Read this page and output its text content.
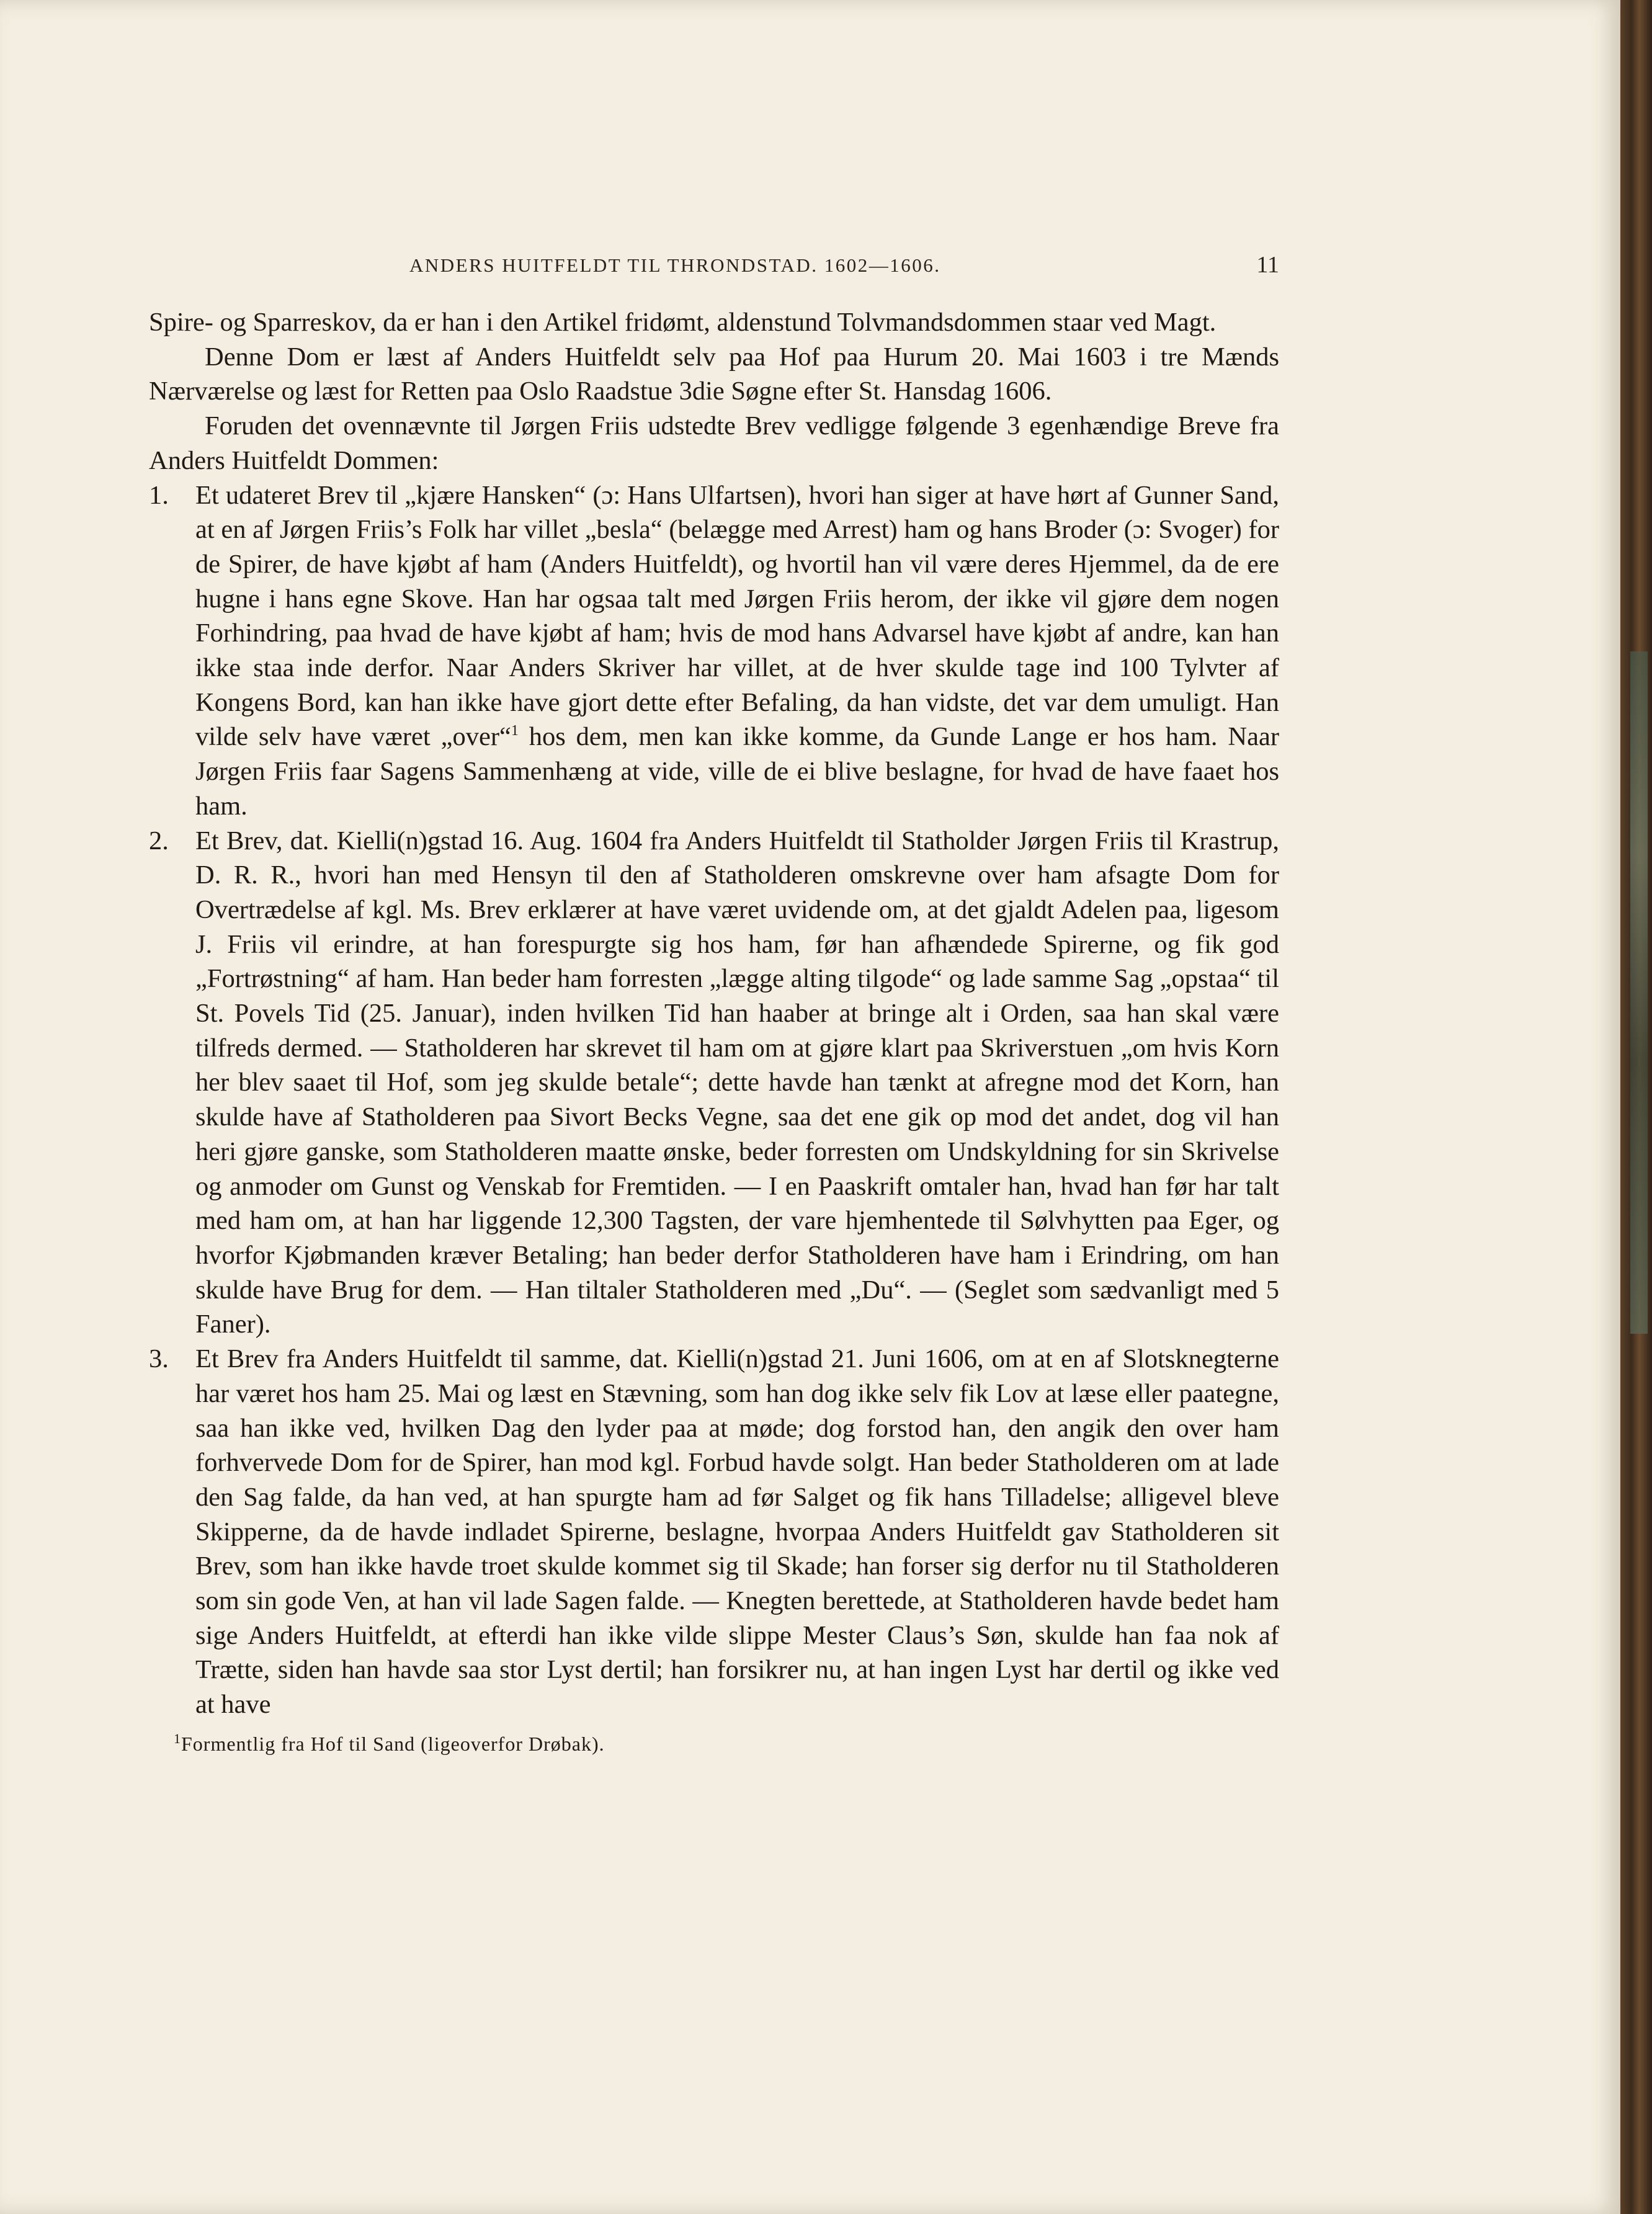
ANDERS HUITFELDT TIL THRONDSTAD. 1602—1606.	11

Spire- og Sparreskov, da er han i den Artikel fridømt, aldenstund Tolvmandsdommen staar ved Magt.

Denne Dom er læst af Anders Huitfeldt selv paa Hof paa Hurum 20. Mai 1603 i tre Mænds Nærværelse og læst for Retten paa Oslo Raadstue 3die Søgne efter St. Hansdag 1606.

Foruden det ovennævnte til Jørgen Friis udstedte Brev vedligge følgende 3 egenhændige Breve fra Anders Huitfeldt Dommen:

1. Et udateret Brev til „kjære Hansken“ (ɔ: Hans Ulfartsen), hvori han siger at have hørt af Gunner Sand, at en af Jørgen Friis’s Folk har villet „besla“ (belægge med Arrest) ham og hans Broder (ɔ: Svoger) for de Spirer, de have kjøbt af ham (Anders Huitfeldt), og hvortil han vil være deres Hjemmel, da de ere hugne i hans egne Skove. Han har ogsaa talt med Jørgen Friis herom, der ikke vil gjøre dem nogen Forhindring, paa hvad de have kjøbt af ham; hvis de mod hans Advarsel have kjøbt af andre, kan han ikke staa inde derfor. Naar Anders Skriver har villet, at de hver skulde tage ind 100 Tylvter af Kongens Bord, kan han ikke have gjort dette efter Befaling, da han vidste, det var dem umuligt. Han vilde selv have været „over“$^1$ hos dem, men kan ikke komme, da Gunde Lange er hos ham. Naar Jørgen Friis faar Sagens Sammenhæng at vide, ville de ei blive beslagne, for hvad de have faaet hos ham.
2. Et Brev, dat. Kielli(n)gstad 16. Aug. 1604 fra Anders Huitfeldt til Statholder Jørgen Friis til Krastrup, D. R. R., hvori han med Hensyn til den af Statholderen omskrevne over ham afsagte Dom for Overtrædelse af kgl. Ms. Brev erklærer at have været uvidende om, at det gjaldt Adelen paa, ligesom J. Friis vil erindre, at han forespurgte sig hos ham, før han afhændede Spirerne, og fik god „Fortrøstning“ af ham. Han beder ham forresten „lægge alting tilgode“ og lade samme Sag „opstaa“ til St. Povels Tid (25. Januar), inden hvilken Tid han haaber at bringe alt i Orden, saa han skal være tilfreds dermed. — Statholderen har skrevet til ham om at gjøre klart paa Skriverstuen „om hvis Korn her blev saaet til Hof, som jeg skulde betale“; dette havde han tænkt at afregne mod det Korn, han skulde have af Statholderen paa Sivort Becks Vegne, saa det ene gik op mod det andet, dog vil han heri gjøre ganske, som Statholderen maatte ønske, beder forresten om Undskyldning for sin Skrivelse og anmoder om Gunst og Venskab for Fremtiden. — I en Paaskrift omtaler han, hvad han før har talt med ham om, at han har liggende 12,300 Tagsten, der vare hjemhentede til Sølvhytten paa Eger, og hvorfor Kjøbmanden kræver Betaling; han beder derfor Statholderen have ham i Erindring, om han skulde have Brug for dem. — Han tiltaler Statholderen med „Du“. — (Seglet som sædvanligt med 5 Faner).
3. Et Brev fra Anders Huitfeldt til samme, dat. Kielli(n)gstad 21. Juni 1606, om at en af Slotsknegterne har været hos ham 25. Mai og læst en Stævning, som han dog ikke selv fik Lov at læse eller paategne, saa han ikke ved, hvilken Dag den lyder paa at møde; dog forstod han, den angik den over ham forhvervede Dom for de Spirer, han mod kgl. Forbud havde solgt. Han beder Statholderen om at lade den Sag falde, da han ved, at han spurgte ham ad før Salget og fik hans Tilladelse; alligevel bleve Skipperne, da de havde indladet Spirerne, beslagne, hvorpaa Anders Huitfeldt gav Statholderen sit Brev, som han ikke havde troet skulde kommet sig til Skade; han forser sig derfor nu til Statholderen som sin gode Ven, at han vil lade Sagen falde. — Knegten berettede, at Statholderen havde bedet ham sige Anders Huitfeldt, at efterdi han ikke vilde slippe Mester Claus’s Søn, skulde han faa nok af Trætte, siden han havde saa stor Lyst dertil; han forsikrer nu, at han ingen Lyst har dertil og ikke ved at have
1 Formentlig fra Hof til Sand (ligeoverfor Drøbak).
